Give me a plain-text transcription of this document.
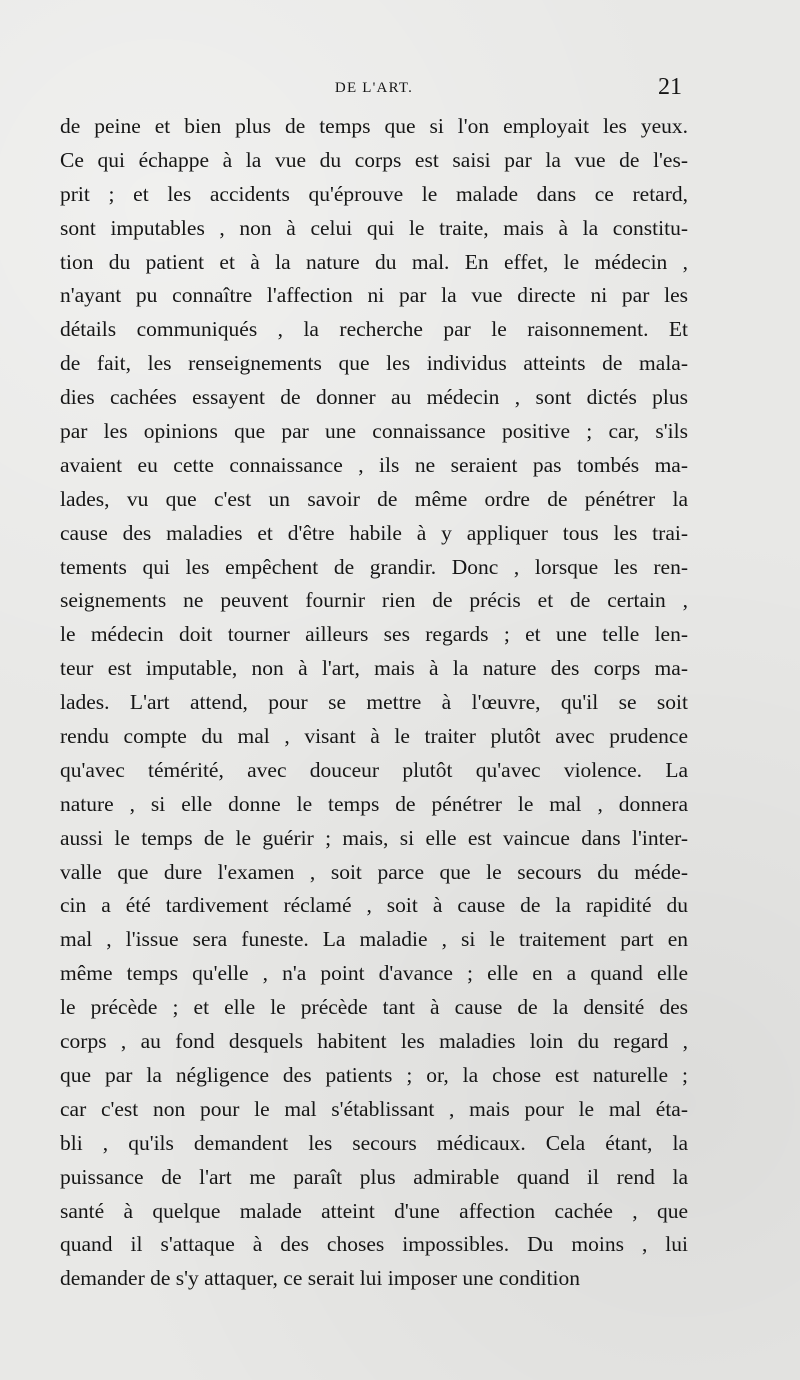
DE L'ART.	21
de peine et bien plus de temps que si l'on employait les yeux.
Ce qui échappe à la vue du corps est saisi par la vue de l'es-
prit ; et les accidents qu'éprouve le malade dans ce retard,
sont imputables , non à celui qui le traite, mais à la constitu-
tion du patient et à la nature du mal. En effet, le médecin ,
n'ayant pu connaître l'affection ni par la vue directe ni par les
détails communiqués , la recherche par le raisonnement. Et
de fait, les renseignements que les individus atteints de mala-
dies cachées essayent de donner au médecin , sont dictés plus
par les opinions que par une connaissance positive ; car, s'ils
avaient eu cette connaissance , ils ne seraient pas tombés ma-
lades, vu que c'est un savoir de même ordre de pénétrer la
cause des maladies et d'être habile à y appliquer tous les trai-
tements qui les empêchent de grandir. Donc , lorsque les ren-
seignements ne peuvent fournir rien de précis et de certain ,
le médecin doit tourner ailleurs ses regards ; et une telle len-
teur est imputable, non à l'art, mais à la nature des corps ma-
lades. L'art attend, pour se mettre à l'œuvre, qu'il se soit
rendu compte du mal , visant à le traiter plutôt avec prudence
qu'avec témérité, avec douceur plutôt qu'avec violence. La
nature , si elle donne le temps de pénétrer le mal , donnera
aussi le temps de le guérir ; mais, si elle est vaincue dans l'inter-
valle que dure l'examen , soit parce que le secours du méde-
cin a été tardivement réclamé , soit à cause de la rapidité du
mal , l'issue sera funeste. La maladie , si le traitement part en
même temps qu'elle , n'a point d'avance ; elle en a quand elle
le précède ; et elle le précède tant à cause de la densité des
corps , au fond desquels habitent les maladies loin du regard ,
que par la négligence des patients ; or, la chose est naturelle ;
car c'est non pour le mal s'établissant , mais pour le mal éta-
bli , qu'ils demandent les secours médicaux. Cela étant, la
puissance de l'art me paraît plus admirable quand il rend la
santé à quelque malade atteint d'une affection cachée , que
quand il s'attaque à des choses impossibles. Du moins , lui
demander de s'y attaquer, ce serait lui imposer une condition
